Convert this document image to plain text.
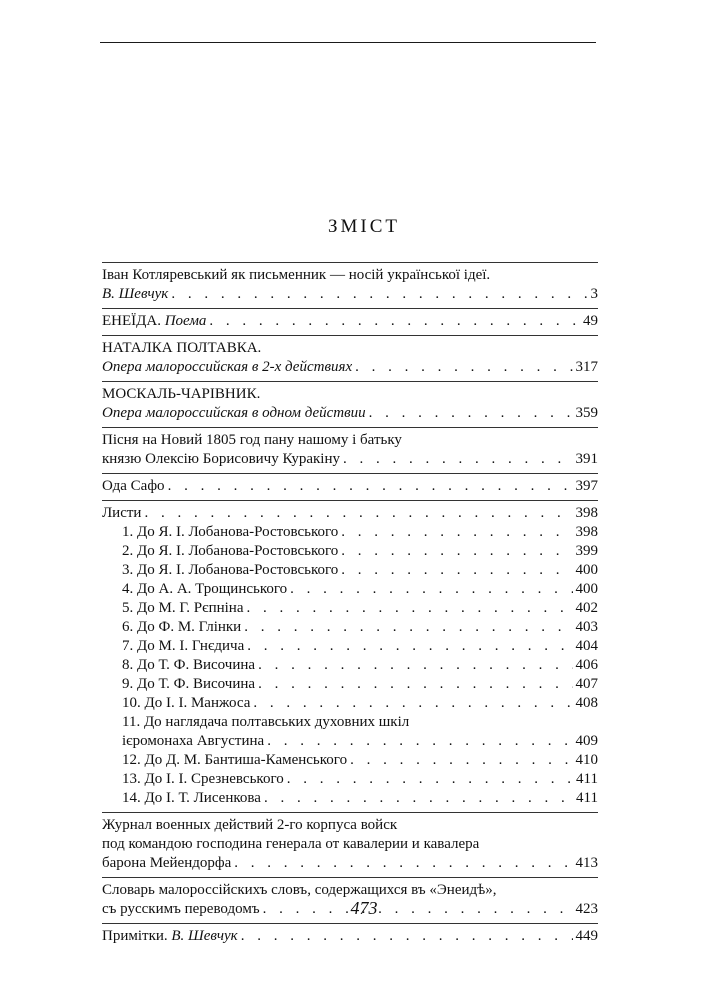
ЗМІСТ
Іван Котляревський як письменник — носій української ідеї.
В. Шевчук . . .	3
ЕНЕЇДА. Поема . . .	49
НАТАЛКА ПОЛТАВКА.
Опера малороссийская в 2-х действиях . . .	317
МОСКАЛЬ-ЧАРІВНИК.
Опера малороссийская в одном действии . . .	359
Пісня на Новий 1805 год пану нашому і батьку
князю Олексію Борисовичу Куракіну . . .	391
Ода Сафо . . .	397
Листи . . .	398
1. До Я. І. Лобанова-Ростовського . . .	398
2. До Я. І. Лобанова-Ростовського . . .	399
3. До Я. І. Лобанова-Ростовського . . .	400
4. До А. А. Трощинського . . .	400
5. До М. Г. Рєпніна . . .	402
6. До Ф. М. Глінки . . .	403
7. До М. І. Гнєдича . . .	404
8. До Т. Ф. Височина . . .	406
9. До Т. Ф. Височина . . .	407
10. До І. І. Манжоса . . .	408
11. До наглядача полтавських духовних шкіл
ієромонаха Августина . . .	409
12. До Д. М. Бантиша-Каменського . . .	410
13. До І. І. Срезневського . . .	411
14. До І. Т. Лисенкова . . .	411
Журнал военных действий 2-го корпуса войск
под командою господина генерала от кавалерии и кавалера
барона Мейендорфа . . .	413
Словарь малороссійскихъ словъ, содержащихся въ «Энеидѣ»,
съ русскимъ переводомъ . . .	423
Примітки. В. Шевчук . . .	449
473
